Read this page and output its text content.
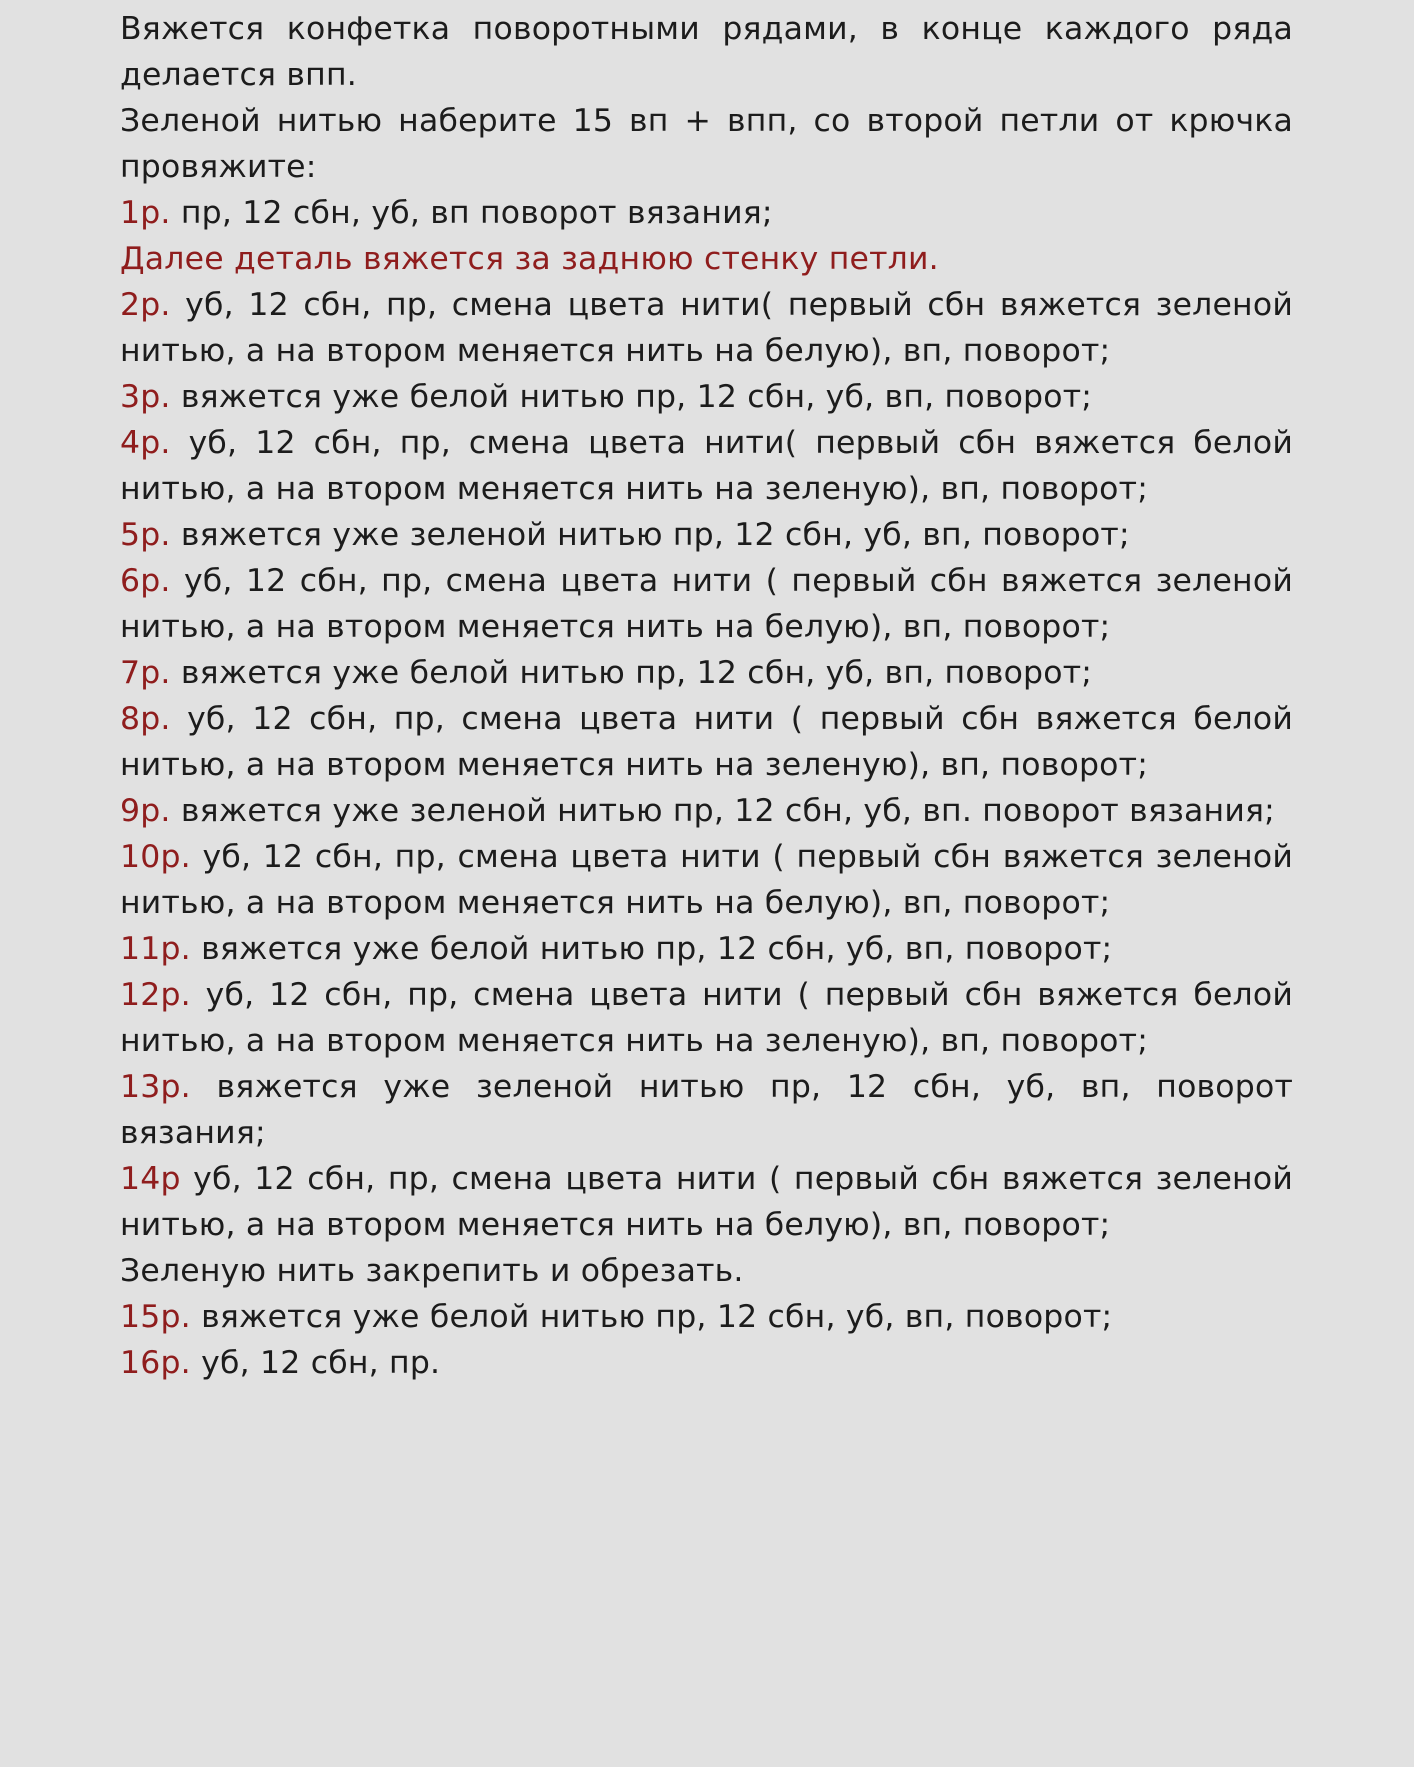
Вяжется конфетка поворотными рядами, в конце каждого ряда делается впп.

Зеленой нитью наберите 15 вп + впп, со второй петли от крючка провяжите:

1р. пр, 12 сбн, уб, вп поворот вязания;

Далее деталь вяжется за заднюю стенку петли.

2р. уб, 12 сбн, пр, смена цвета нити( первый сбн вяжется зеленой нитью, а на втором меняется нить на белую), вп, поворот;

3р. вяжется уже белой нитью пр, 12 сбн, уб, вп, поворот;

4р. уб, 12 сбн, пр, смена цвета нити( первый сбн вяжется белой нитью, а на втором меняется нить на зеленую), вп, поворот;

5р. вяжется уже зеленой нитью пр, 12 сбн, уб, вп, поворот;

6р. уб, 12 сбн, пр, смена цвета нити ( первый сбн вяжется зеленой нитью, а на втором меняется нить на белую), вп, поворот;

7р. вяжется уже белой нитью пр, 12 сбн, уб, вп, поворот;

8р. уб, 12 сбн, пр, смена цвета нити ( первый сбн вяжется белой нитью, а на втором меняется нить на зеленую), вп, поворот;

9р. вяжется уже зеленой нитью пр, 12 сбн, уб, вп. поворот вязания;

10р. уб, 12 сбн, пр, смена цвета нити ( первый сбн вяжется зеленой нитью, а на втором меняется нить на белую), вп, поворот;

11р. вяжется уже белой нитью пр, 12 сбн, уб, вп, поворот;

12р. уб, 12 сбн, пр, смена цвета нити ( первый сбн вяжется белой нитью, а на втором меняется нить на зеленую), вп, поворот;

13р. вяжется уже зеленой нитью пр, 12 сбн, уб, вп, поворот вязания;

14р уб, 12 сбн, пр, смена цвета нити ( первый сбн вяжется зеленой нитью, а на втором меняется нить на белую), вп, поворот;

Зеленую нить закрепить и обрезать.

15р. вяжется уже белой нитью пр, 12 сбн, уб, вп, поворот;

16р. уб, 12 сбн, пр.
